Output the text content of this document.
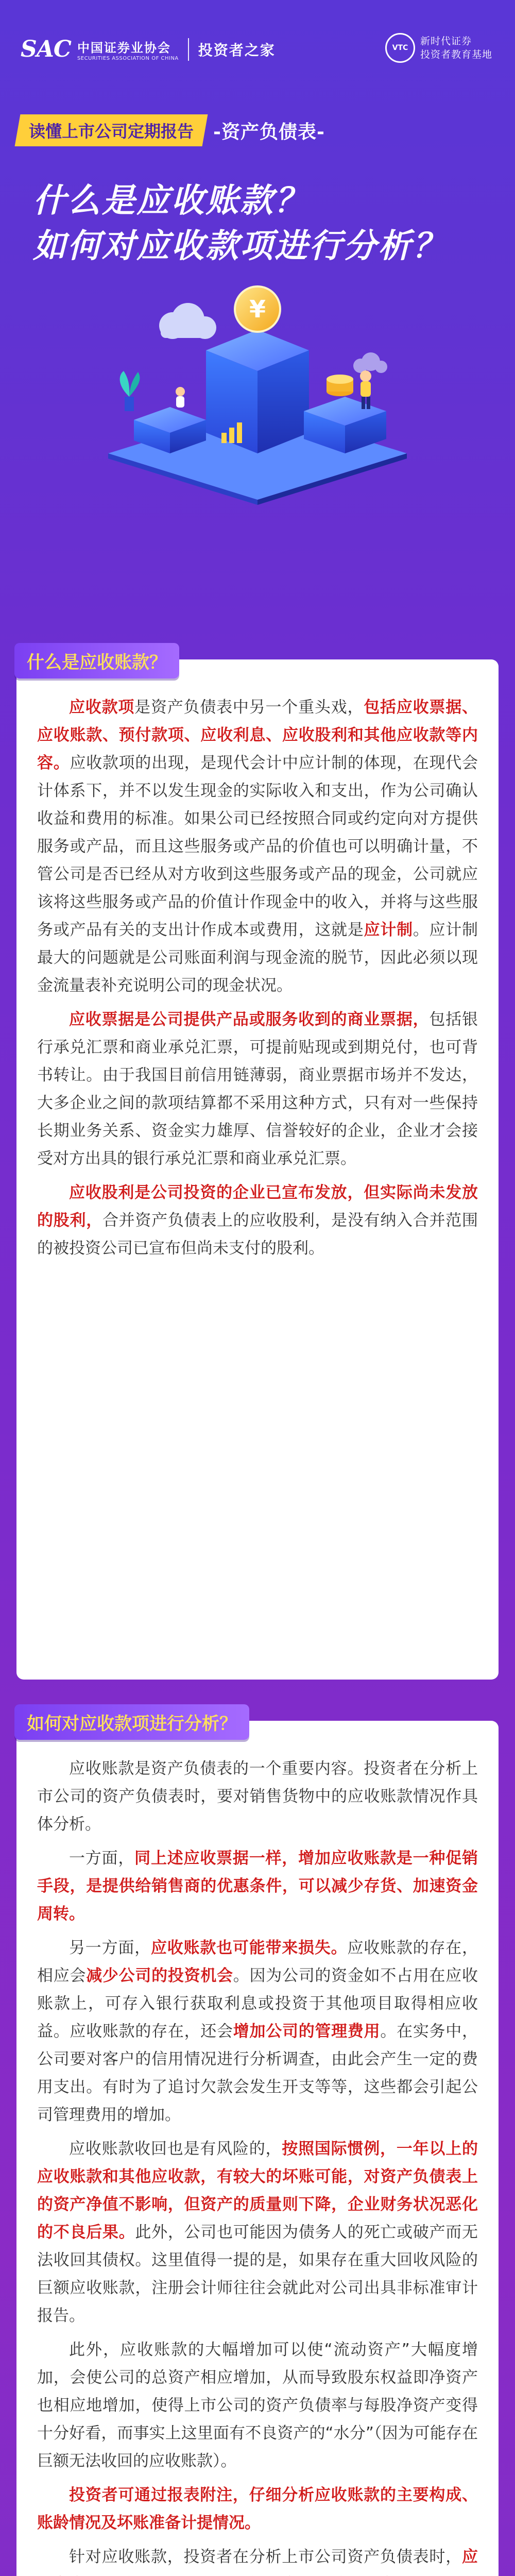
SAC 中国证券业协会
SECURITIES ASSOCIATION OF CHINA 投资者之家	VTC
新时代证券
投资者教育基地
读懂上市公司定期报告	-资产负债表-
什么是应收账款？
如何对应收款项进行分析？
¥
什么是应收账款？

应收款项是资产负债表中另一个重头戏，包括应收票据、应收账款、预付款项、应收利息、应收股利和其他应收款等内容。应收款项的出现，是现代会计中应计制的体现，在现代会计体系下，并不以发生现金的实际收入和支出，作为公司确认收益和费用的标准。如果公司已经按照合同或约定向对方提供服务或产品，而且这些服务或产品的价值也可以明确计量，不管公司是否已经从对方收到这些服务或产品的现金，公司就应该将这些服务或产品的价值计作现金中的收入，并将与这些服务或产品有关的支出计作成本或费用，这就是应计制。应计制最大的问题就是公司账面利润与现金流的脱节，因此必须以现金流量表补充说明公司的现金状况。

应收票据是公司提供产品或服务收到的商业票据，包括银行承兑汇票和商业承兑汇票，可提前贴现或到期兑付，也可背书转让。由于我国目前信用链薄弱，商业票据市场并不发达，大多企业之间的款项结算都不采用这种方式，只有对一些保持长期业务关系、资金实力雄厚、信誉较好的企业，企业才会接受对方出具的银行承兑汇票和商业承兑汇票。

应收股利是公司投资的企业已宣布发放，但实际尚未发放的股利，合并资产负债表上的应收股利，是没有纳入合并范围的被投资公司已宣布但尚未支付的股利。

如何对应收款项进行分析？

应收账款是资产负债表的一个重要内容。投资者在分析上市公司的资产负债表时，要对销售货物中的应收账款情况作具体分析。

一方面，同上述应收票据一样，增加应收账款是一种促销手段，是提供给销售商的优惠条件，可以减少存货、加速资金周转。

另一方面，应收账款也可能带来损失。应收账款的存在，相应会减少公司的投资机会。因为公司的资金如不占用在应收账款上，可存入银行获取利息或投资于其他项目取得相应收益。应收账款的存在，还会增加公司的管理费用。在实务中，公司要对客户的信用情况进行分析调查，由此会产生一定的费用支出。有时为了追讨欠款会发生开支等等，这些都会引起公司管理费用的增加。

应收账款收回也是有风险的，按照国际惯例，一年以上的应收账款和其他应收款，有较大的坏账可能，对资产负债表上的资产净值不影响，但资产的质量则下降，企业财务状况恶化的不良后果。此外，公司也可能因为债务人的死亡或破产而无法收回其债权。这里值得一提的是，如果存在重大回收风险的巨额应收账款，注册会计师往往会就此对公司出具非标准审计报告。

此外，应收账款的大幅增加可以使“流动资产”大幅度增加，会使公司的总资产相应增加，从而导致股东权益即净资产也相应地增加，使得上市公司的资产负债率与每股净资产变得十分好看，而事实上这里面有不良资产的“水分”（因为可能存在巨额无法收回的应收账款）。

投资者可通过报表附注，仔细分析应收账款的主要构成、账龄情况及坏账准备计提情况。

针对应收账款，投资者在分析上市公司资产负债表时，应
